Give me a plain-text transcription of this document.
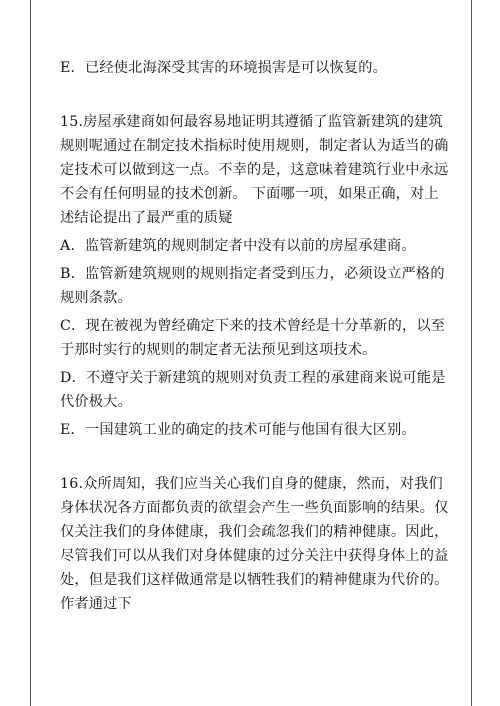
E．已经使北海深受其害的环境损害是可以恢复的。

15.房屋承建商如何最容易地证明其遵循了监管新建筑的建筑规则呢通过在制定技术指标时使用规则，制定者认为适当的确定技术可以做到这一点。不幸的是，这意味着建筑行业中永远不会有任何明显的技术创新。 下面哪一项，如果正确，对上述结论提出了最严重的质疑

A．监管新建筑的规则制定者中没有以前的房屋承建商。

B．监管新建筑规则的规则指定者受到压力，必须设立严格的规则条款。

C．现在被视为曾经确定下来的技术曾经是十分革新的，以至于那时实行的规则的制定者无法预见到这项技术。

D．不遵守关于新建筑的规则对负责工程的承建商来说可能是代价极大。

E．一国建筑工业的确定的技术可能与他国有很大区别。

16.众所周知，我们应当关心我们自身的健康，然而，对我们身体状况各方面都负责的欲望会产生一些负面影响的结果。仅仅关注我们的身体健康，我们会疏忽我们的精神健康。因此，尽管我们可以从我们对身体健康的过分关注中获得身体上的益处，但是我们这样做通常是以牺牲我们的精神健康为代价的。 作者通过下
